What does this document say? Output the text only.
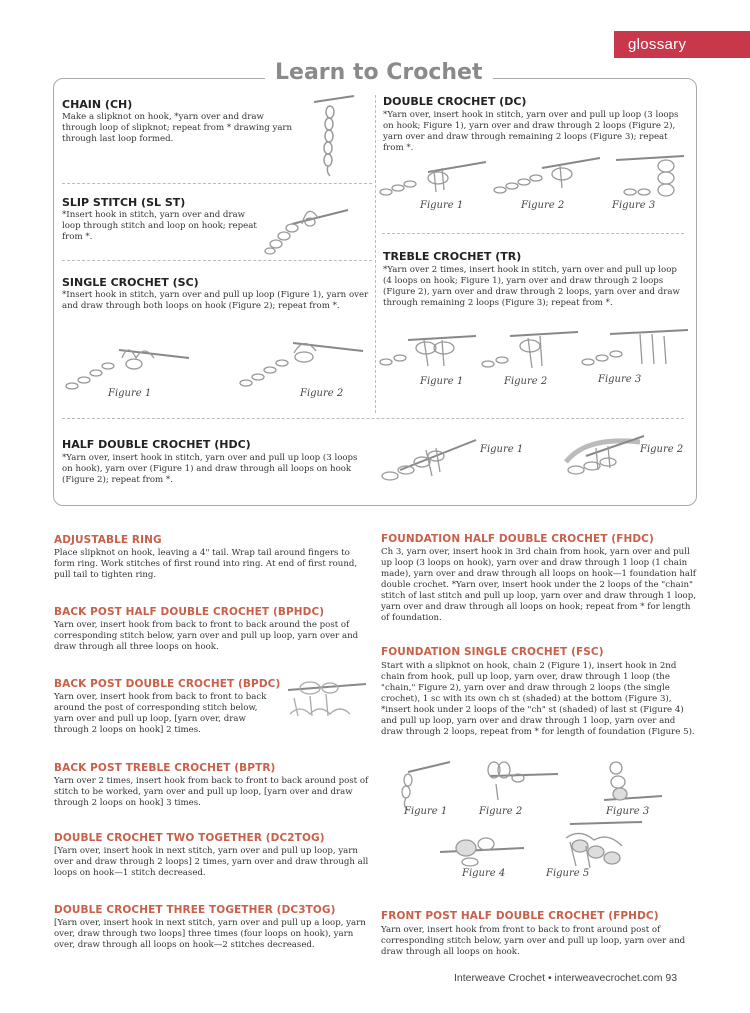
glossary
Learn to Crochet
CHAIN (CH)
Make a slipknot on hook, *yarn over and draw through loop of slipknot; repeat from * drawing yarn through last loop formed.
SLIP STITCH (SL ST)
*Insert hook in stitch, yarn over and draw loop through stitch and loop on hook; repeat from *.
SINGLE CROCHET (SC)
*Insert hook in stitch, yarn over and pull up loop (Figure 1), yarn over and draw through both loops on hook (Figure 2); repeat from *.
Figure 1	Figure 2
HALF DOUBLE CROCHET (HDC)
*Yarn over, insert hook in stitch, yarn over and pull up loop (3 loops on hook), yarn over (Figure 1) and draw through all loops on hook (Figure 2); repeat from *.
Figure 1	Figure 2
DOUBLE CROCHET (DC)
*Yarn over, insert hook in stitch, yarn over and pull up loop (3 loops on hook; Figure 1), yarn over and draw through 2 loops (Figure 2), yarn over and draw through remaining 2 loops (Figure 3); repeat from *.
Figure 1	Figure 2	Figure 3
TREBLE CROCHET (TR)
*Yarn over 2 times, insert hook in stitch, yarn over and pull up loop (4 loops on hook; Figure 1), yarn over and draw through 2 loops (Figure 2), yarn over and draw through 2 loops, yarn over and draw through remaining 2 loops (Figure 3); repeat from *.
Figure 1	Figure 2	Figure 3
ADJUSTABLE RING
Place slipknot on hook, leaving a 4" tail. Wrap tail around fingers to form ring. Work stitches of first round into ring. At end of first round, pull tail to tighten ring.
BACK POST HALF DOUBLE CROCHET (BPHDC)
Yarn over, insert hook from back to front to back around the post of corresponding stitch below, yarn over and pull up loop, yarn over and draw through all three loops on hook.
BACK POST DOUBLE CROCHET (BPDC)
Yarn over, insert hook from back to front to back around the post of corresponding stitch below, yarn over and pull up loop, [yarn over, draw through 2 loops on hook] 2 times.
BACK POST TREBLE CROCHET (BPTR)
Yarn over 2 times, insert hook from back to front to back around post of stitch to be worked, yarn over and pull up loop, [yarn over and draw through 2 loops on hook] 3 times.
DOUBLE CROCHET TWO TOGETHER (DC2TOG)
[Yarn over, insert hook in next stitch, yarn over and pull up loop, yarn over and draw through 2 loops] 2 times, yarn over and draw through all loops on hook—1 stitch decreased.
DOUBLE CROCHET THREE TOGETHER (DC3TOG)
[Yarn over, insert hook in next stitch, yarn over and pull up a loop, yarn over, draw through two loops] three times (four loops on hook), yarn over, draw through all loops on hook—2 stitches decreased.
FOUNDATION HALF DOUBLE CROCHET (FHDC)
Ch 3, yarn over, insert hook in 3rd chain from hook, yarn over and pull up loop (3 loops on hook), yarn over and draw through 1 loop (1 chain made), yarn over and draw through all loops on hook—1 foundation half double crochet. *Yarn over, insert hook under the 2 loops of the "chain" stitch of last stitch and pull up loop, yarn over and draw through 1 loop, yarn over and draw through all loops on hook; repeat from * for length of foundation.
FOUNDATION SINGLE CROCHET (FSC)
Start with a slipknot on hook, chain 2 (Figure 1), insert hook in 2nd chain from hook, pull up loop, yarn over, draw through 1 loop (the "chain," Figure 2), yarn over and draw through 2 loops (the single crochet), 1 sc with its own ch st (shaded) at the bottom (Figure 3), *insert hook under 2 loops of the "ch" st (shaded) of last st (Figure 4) and pull up loop, yarn over and draw through 1 loop, yarn over and draw through 2 loops, repeat from * for length of foundation (Figure 5).
Figure 1	Figure 2	Figure 3
Figure 4	Figure 5
FRONT POST HALF DOUBLE CROCHET (FPHDC)
Yarn over, insert hook from front to back to front around post of corresponding stitch below, yarn over and pull up loop, yarn over and draw through all loops on hook.
Interweave Crochet • interweavecrochet.com 93
